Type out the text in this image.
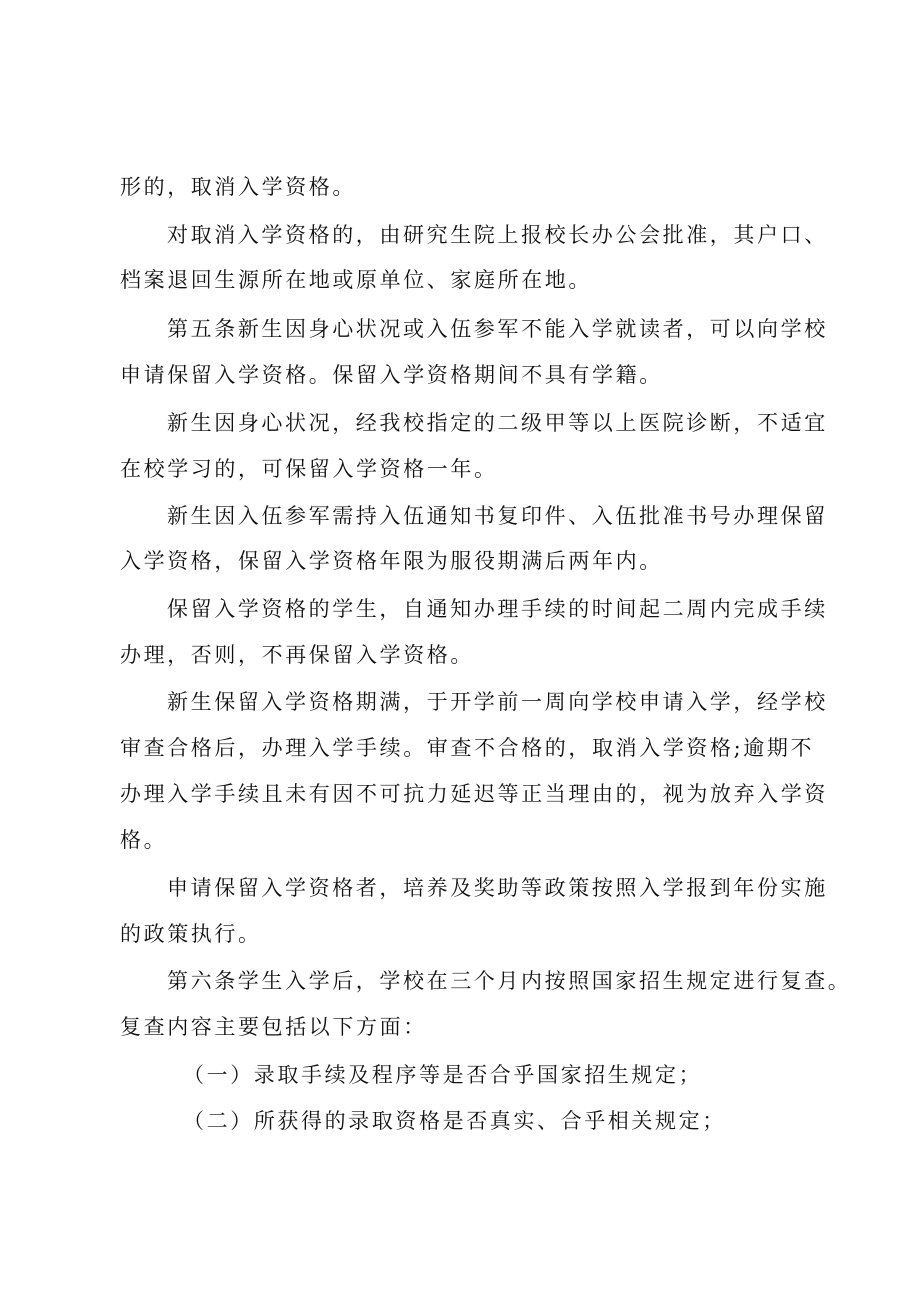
形的，取消入学资格。

对取消入学资格的，由研究生院上报校长办公会批准，其户口、

档案退回生源所在地或原单位、家庭所在地。

第五条新生因身心状况或入伍参军不能入学就读者，可以向学校

申请保留入学资格。保留入学资格期间不具有学籍。

新生因身心状况，经我校指定的二级甲等以上医院诊断，不适宜

在校学习的，可保留入学资格一年。

新生因入伍参军需持入伍通知书复印件、入伍批准书号办理保留

入学资格，保留入学资格年限为服役期满后两年内。

保留入学资格的学生，自通知办理手续的时间起二周内完成手续

办理，否则，不再保留入学资格。

新生保留入学资格期满，于开学前一周向学校申请入学，经学校

审查合格后，办理入学手续。审查不合格的，取消入学资格;逾期不

办理入学手续且未有因不可抗力延迟等正当理由的，视为放弃入学资

格。

申请保留入学资格者，培养及奖助等政策按照入学报到年份实施

的政策执行。

第六条学生入学后，学校在三个月内按照国家招生规定进行复查。

复查内容主要包括以下方面：

（一）录取手续及程序等是否合乎国家招生规定；

（二）所获得的录取资格是否真实、合乎相关规定；
